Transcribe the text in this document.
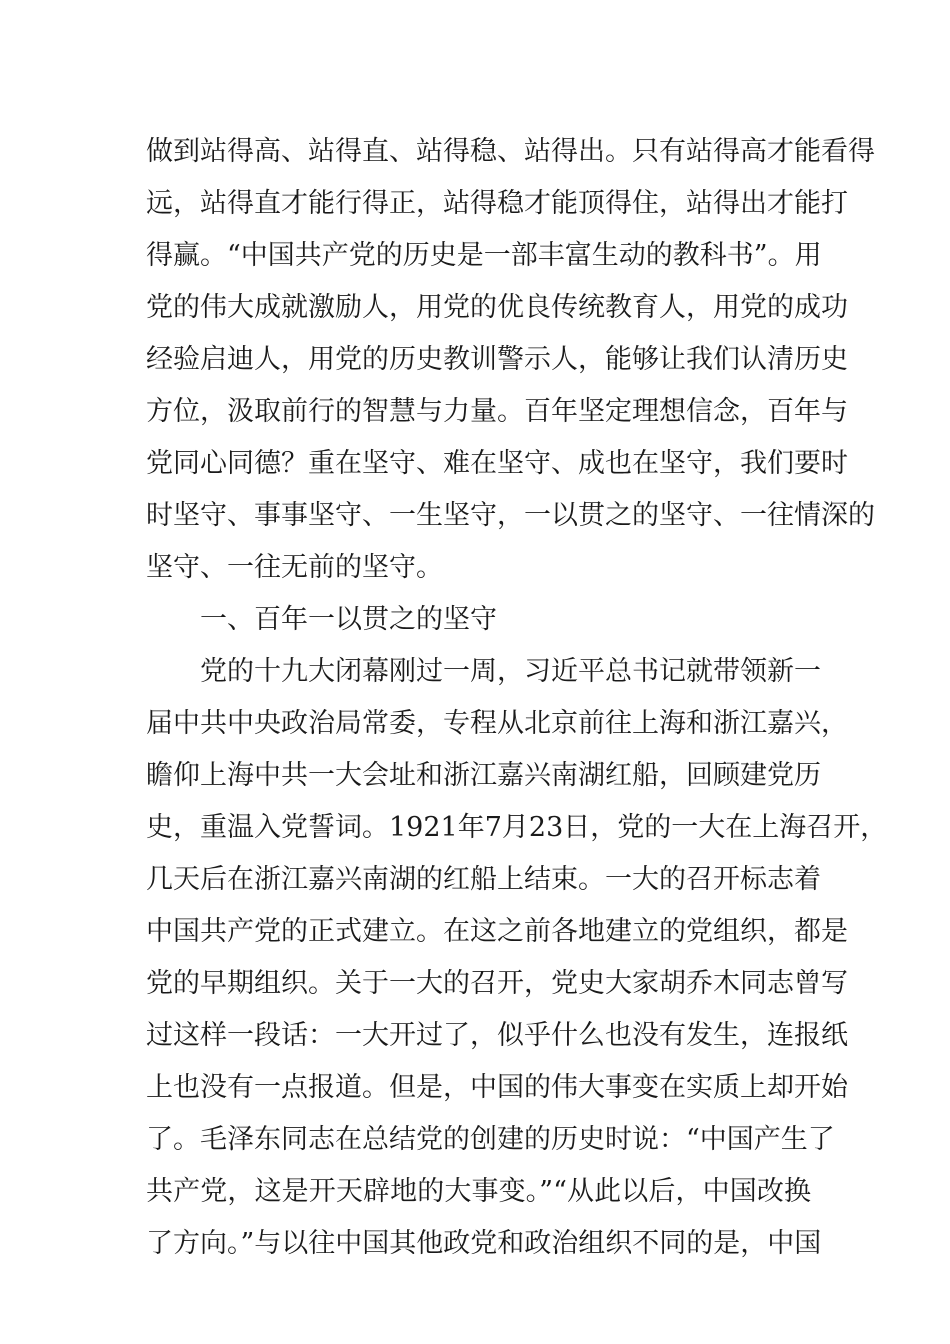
做到站得高、站得直、站得稳、站得出。只有站得高才能看得
远，站得直才能行得正，站得稳才能顶得住，站得出才能打
得赢。“中国共产党的历史是一部丰富生动的教科书”。用
党的伟大成就激励人，用党的优良传统教育人，用党的成功
经验启迪人，用党的历史教训警示人，能够让我们认清历史
方位，汲取前行的智慧与力量。百年坚定理想信念，百年与
党同心同德？重在坚守、难在坚守、成也在坚守，我们要时
时坚守、事事坚守、一生坚守，一以贯之的坚守、一往情深的
坚守、一往无前的坚守。
一、百年一以贯之的坚守
党的十九大闭幕刚过一周，习近平总书记就带领新一
届中共中央政治局常委，专程从北京前往上海和浙江嘉兴，
瞻仰上海中共一大会址和浙江嘉兴南湖红船，回顾建党历
史，重温入党誓词。1921年7月23日，党的一大在上海召开，
几天后在浙江嘉兴南湖的红船上结束。一大的召开标志着
中国共产党的正式建立。在这之前各地建立的党组织，都是
党的早期组织。关于一大的召开，党史大家胡乔木同志曾写
过这样一段话：一大开过了，似乎什么也没有发生，连报纸
上也没有一点报道。但是，中国的伟大事变在实质上却开始
了。毛泽东同志在总结党的创建的历史时说：“中国产生了
共产党，这是开天辟地的大事变。”“从此以后，中国改换
了方向。”与以往中国其他政党和政治组织不同的是，中国
